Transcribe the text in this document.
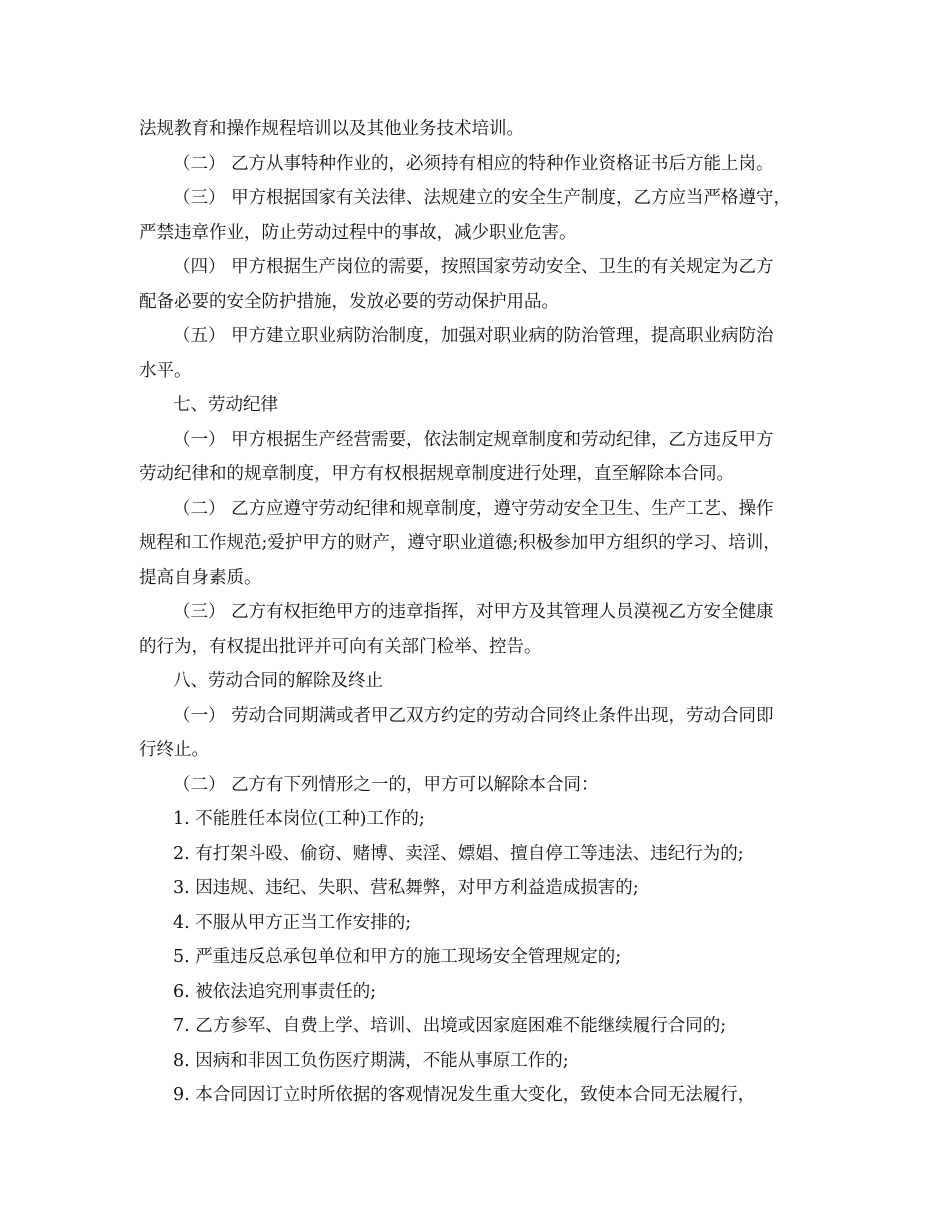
法规教育和操作规程培训以及其他业务技术培训。
（二） 乙方从事特种作业的，必须持有相应的特种作业资格证书后方能上岗。
（三） 甲方根据国家有关法律、法规建立的安全生产制度，乙方应当严格遵守，
严禁违章作业，防止劳动过程中的事故，减少职业危害。
（四） 甲方根据生产岗位的需要，按照国家劳动安全、卫生的有关规定为乙方
配备必要的安全防护措施，发放必要的劳动保护用品。
（五） 甲方建立职业病防治制度，加强对职业病的防治管理，提高职业病防治
水平。
七、劳动纪律
（一） 甲方根据生产经营需要，依法制定规章制度和劳动纪律，乙方违反甲方
劳动纪律和的规章制度，甲方有权根据规章制度进行处理，直至解除本合同。
（二） 乙方应遵守劳动纪律和规章制度，遵守劳动安全卫生、生产工艺、操作
规程和工作规范;爱护甲方的财产，遵守职业道德;积极参加甲方组织的学习、培训，
提高自身素质。
（三） 乙方有权拒绝甲方的违章指挥，对甲方及其管理人员漠视乙方安全健康
的行为，有权提出批评并可向有关部门检举、控告。
八、劳动合同的解除及终止
（一） 劳动合同期满或者甲乙双方约定的劳动合同终止条件出现，劳动合同即
行终止。
（二） 乙方有下列情形之一的，甲方可以解除本合同：
1. 不能胜任本岗位(工种)工作的;
2. 有打架斗殴、偷窃、赌博、卖淫、嫖娼、擅自停工等违法、违纪行为的;
3. 因违规、违纪、失职、营私舞弊，对甲方利益造成损害的;
4. 不服从甲方正当工作安排的;
5. 严重违反总承包单位和甲方的施工现场安全管理规定的;
6. 被依法追究刑事责任的;
7. 乙方参军、自费上学、培训、出境或因家庭困难不能继续履行合同的;
8. 因病和非因工负伤医疗期满，不能从事原工作的;
9. 本合同因订立时所依据的客观情况发生重大变化，致使本合同无法履行，
